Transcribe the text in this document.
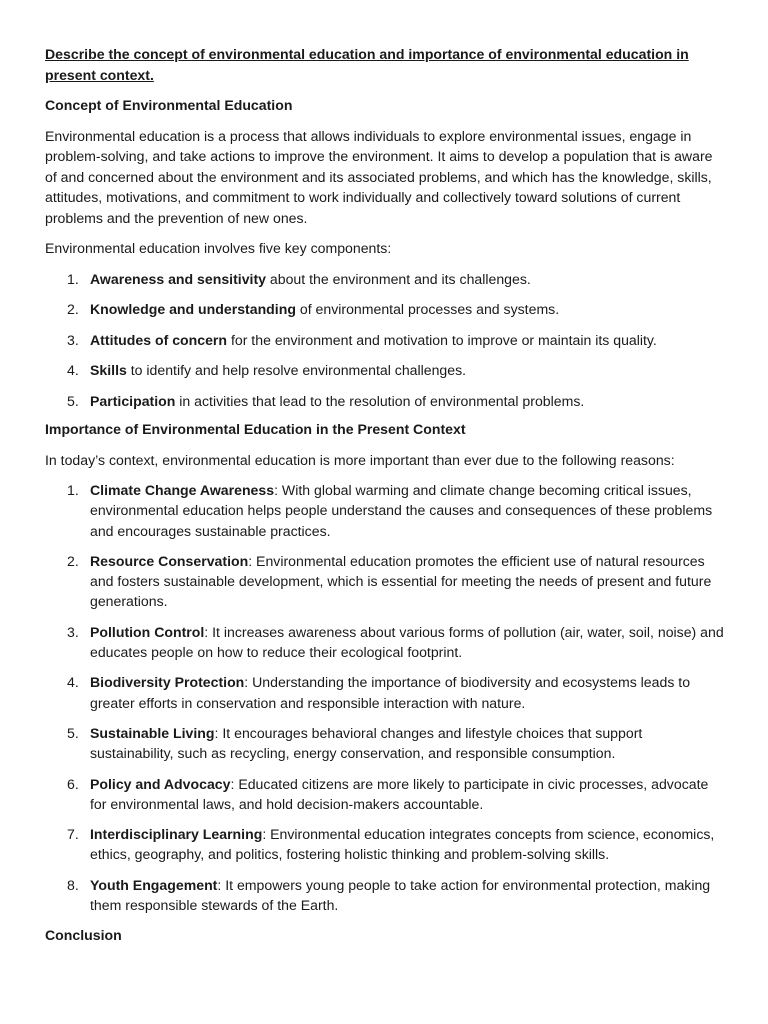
Describe the concept of environmental education and importance of environmental education in present context.

Concept of Environmental Education

Environmental education is a process that allows individuals to explore environmental issues, engage in problem-solving, and take actions to improve the environment. It aims to develop a population that is aware of and concerned about the environment and its associated problems, and which has the knowledge, skills, attitudes, motivations, and commitment to work individually and collectively toward solutions of current problems and the prevention of new ones.

Environmental education involves five key components:

1. Awareness and sensitivity about the environment and its challenges.
2. Knowledge and understanding of environmental processes and systems.
3. Attitudes of concern for the environment and motivation to improve or maintain its quality.
4. Skills to identify and help resolve environmental challenges.
5. Participation in activities that lead to the resolution of environmental problems.

Importance of Environmental Education in the Present Context

In today’s context, environmental education is more important than ever due to the following reasons:

1. Climate Change Awareness: With global warming and climate change becoming critical issues, environmental education helps people understand the causes and consequences of these problems and encourages sustainable practices.
2. Resource Conservation: Environmental education promotes the efficient use of natural resources and fosters sustainable development, which is essential for meeting the needs of present and future generations.
3. Pollution Control: It increases awareness about various forms of pollution (air, water, soil, noise) and educates people on how to reduce their ecological footprint.
4. Biodiversity Protection: Understanding the importance of biodiversity and ecosystems leads to greater efforts in conservation and responsible interaction with nature.
5. Sustainable Living: It encourages behavioral changes and lifestyle choices that support sustainability, such as recycling, energy conservation, and responsible consumption.
6. Policy and Advocacy: Educated citizens are more likely to participate in civic processes, advocate for environmental laws, and hold decision-makers accountable.
7. Interdisciplinary Learning: Environmental education integrates concepts from science, economics, ethics, geography, and politics, fostering holistic thinking and problem-solving skills.
8. Youth Engagement: It empowers young people to take action for environmental protection, making them responsible stewards of the Earth.

Conclusion
